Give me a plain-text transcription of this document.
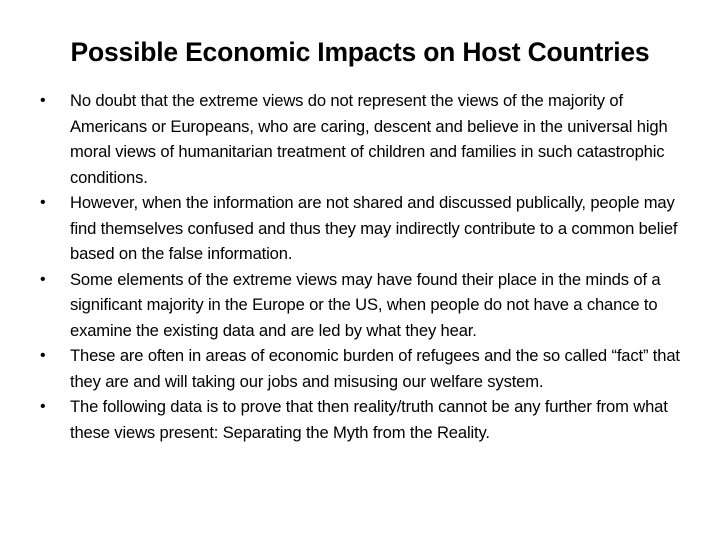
Possible Economic Impacts on Host Countries
•	No doubt that the extreme views do not represent the views of the majority of Americans or Europeans, who are caring, descent and believe in the universal high moral views of humanitarian treatment of children and families in such catastrophic conditions.
•	However, when the information are not shared and discussed publically, people may find themselves confused and thus they may indirectly contribute to a common belief based on the false information.
•	Some elements of the extreme views may have found their place in the minds of a significant majority in the Europe or the US, when people do not have a chance to examine the existing data and are led by what they hear.
•	These are often in areas of economic burden of refugees and the so called “fact” that they are and will taking our jobs and misusing our welfare system.
•	The following data is to prove that then reality/truth cannot be any further from what these views present: Separating the Myth from the Reality.
